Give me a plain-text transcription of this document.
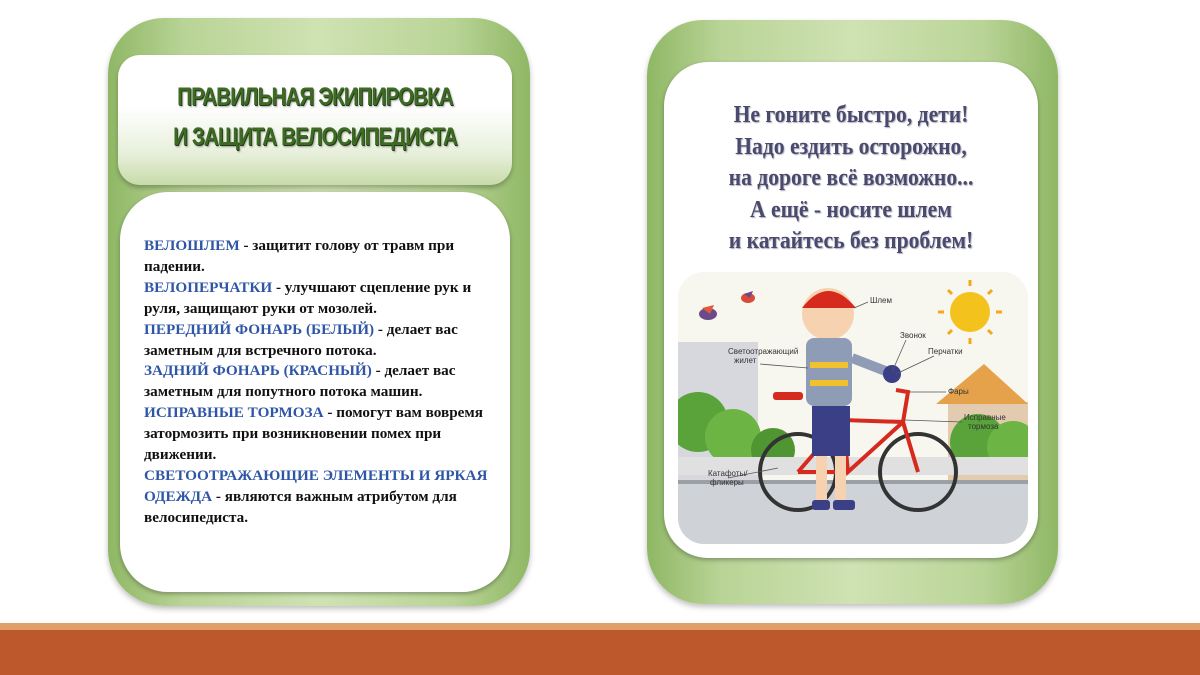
ПРАВИЛЬНАЯ ЭКИПИРОВКА
И ЗАЩИТА ВЕЛОСИПЕДИСТА
ВЕЛОШЛЕМ - защитит голову от травм при падении.
ВЕЛОПЕРЧАТКИ - улучшают сцепление рук и руля, защищают руки от мозолей.
ПЕРЕДНИЙ ФОНАРЬ (БЕЛЫЙ) - делает вас заметным для встречного потока.
ЗАДНИЙ ФОНАРЬ (КРАСНЫЙ) - делает вас заметным для попутного потока машин.
ИСПРАВНЫЕ ТОРМОЗА - помогут вам вовремя затормозить при возникновении помех при движении.
СВЕТООТРАЖАЮЩИЕ ЭЛЕМЕНТЫ И ЯРКАЯ ОДЕЖДА - являются важным атрибутом для велосипедиста.
Не гоните быстро, дети!
Надо ездить осторожно,
на дороге всё возможно...
А ещё - носите шлем
и катайтесь без проблем!
Шлем
Звонок
Перчатки
Светоотражающий
жилет
Фары
Исправные
тормоза
Катафоты/
фликеры
